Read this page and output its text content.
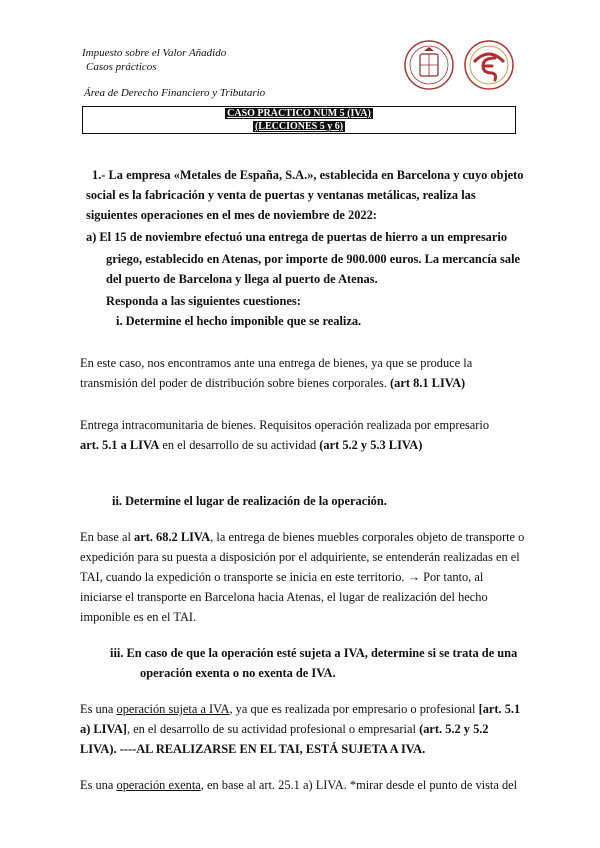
Impuesto sobre el Valor Añadido
Casos prácticos
Área de Derecho Financiero y Tributario
CASO PRÁCTICO NÚM 5 (IVA)
(LECCIONES 5 y 6)
1.- La empresa «Metales de España, S.A.», establecida en Barcelona y cuyo objeto
social es la fabricación y venta de puertas y ventanas metálicas, realiza las
siguientes operaciones en el mes de noviembre de 2022:
a) El 15 de noviembre efectuó una entrega de puertas de hierro a un empresario
griego, establecido en Atenas, por importe de 900.000 euros. La mercancía sale
del puerto de Barcelona y llega al puerto de Atenas.
Responda a las siguientes cuestiones:
i. Determine el hecho imponible que se realiza.
En este caso, nos encontramos ante una entrega de bienes, ya que se produce la
transmisión del poder de distribución sobre bienes corporales. (art 8.1 LIVA)
Entrega intracomunitaria de bienes. Requisitos operación realizada por empresario
art. 5.1 a LIVA en el desarrollo de su actividad (art 5.2 y 5.3 LIVA)
ii. Determine el lugar de realización de la operación.
En base al art. 68.2 LIVA, la entrega de bienes muebles corporales objeto de transporte o
expedición para su puesta a disposición por el adquiriente, se entenderán realizadas en el
TAI, cuando la expedición o transporte se inicia en este territorio. → Por tanto, al
iniciarse el transporte en Barcelona hacia Atenas, el lugar de realización del hecho
imponible es en el TAI.
iii. En caso de que la operación esté sujeta a IVA, determine si se trata de una
operación exenta o no exenta de IVA.
Es una operación sujeta a IVA, ya que es realizada por empresario o profesional [art. 5.1
a) LIVA], en el desarrollo de su actividad profesional o empresarial (art. 5.2 y 5.2
LIVA). ----AL REALIZARSE EN EL TAI, ESTÁ SUJETA A IVA.
Es una operación exenta, en base al art. 25.1 a) LIVA. *mirar desde el punto de vista del
